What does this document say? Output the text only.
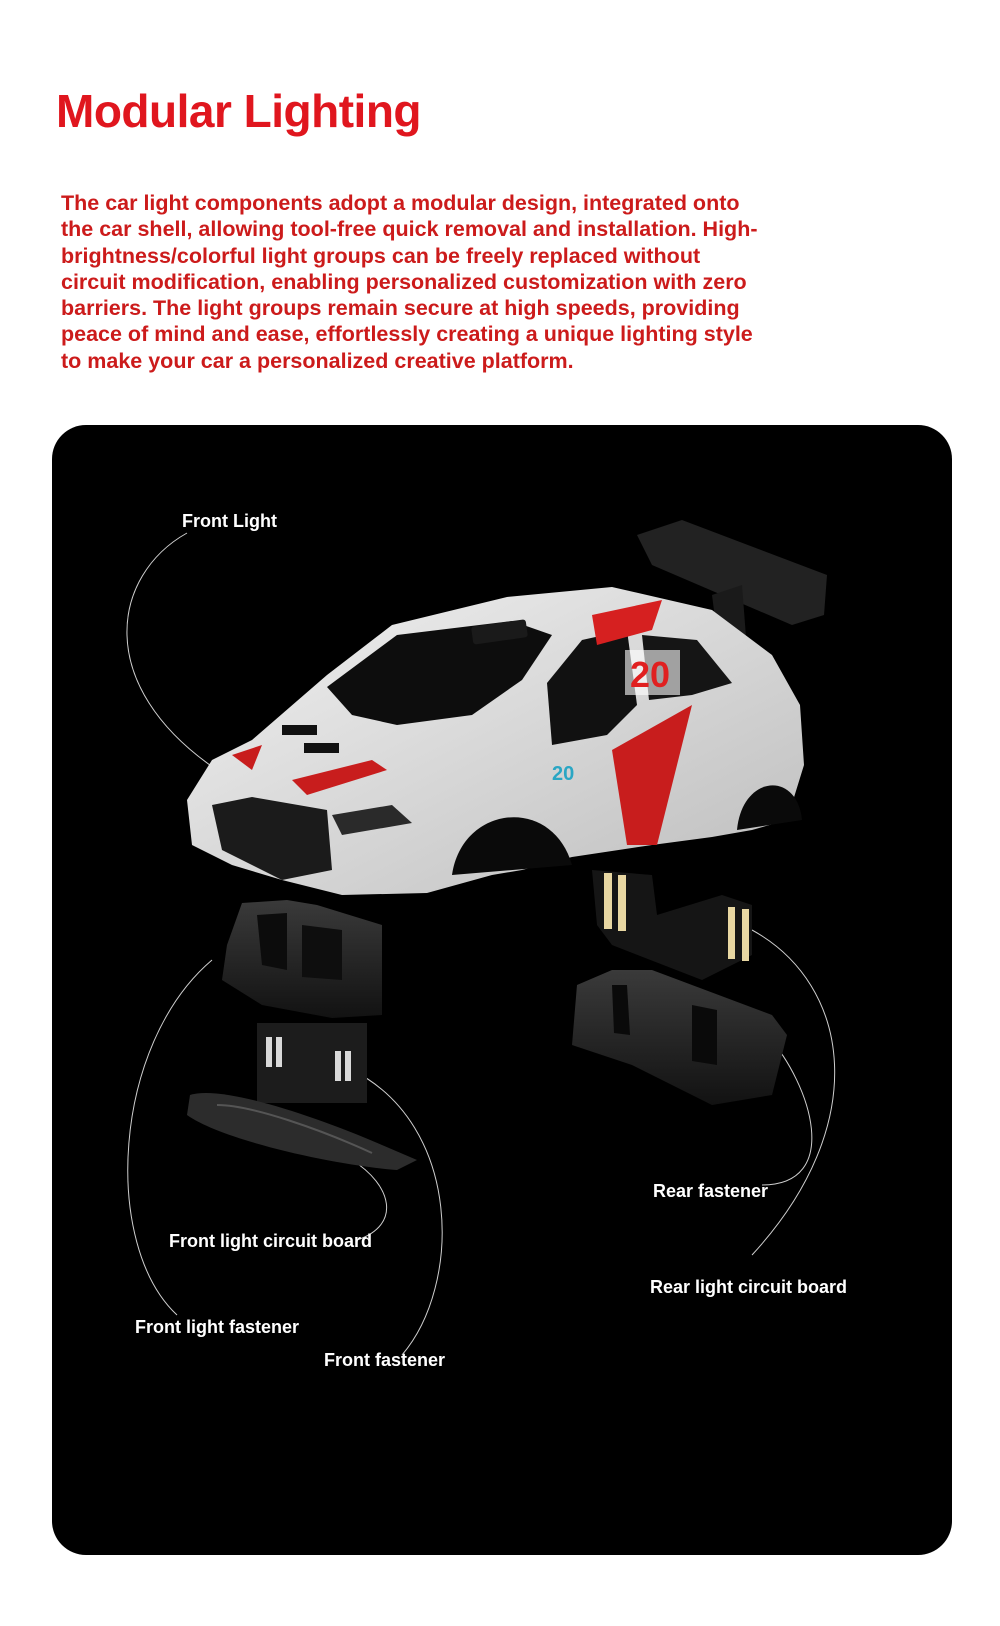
Modular Lighting
The car light components adopt a modular design, integrated onto the car shell, allowing tool-free quick removal and installation. High-brightness/colorful light groups can be freely replaced without circuit modification, enabling personalized customization with zero barriers. The light groups remain secure at high speeds, providing peace of mind and ease, effortlessly creating a unique lighting style to make your car a personalized creative platform.
20
20
Front Light
Rear fastener
Front light circuit board
Rear light circuit board
Front light fastener
Front fastener
